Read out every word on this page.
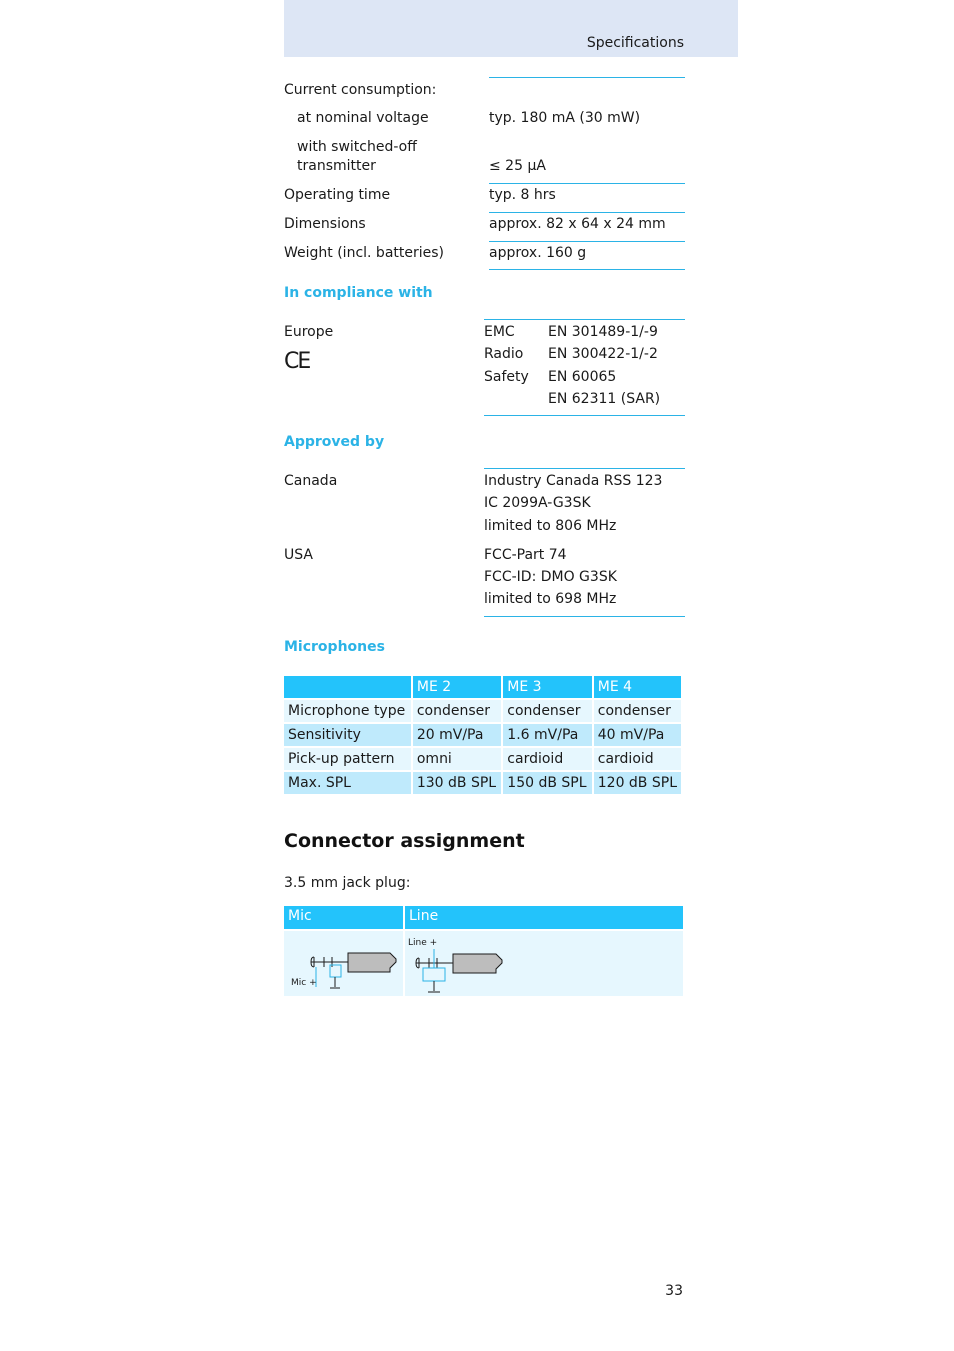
Specifications
Current consumption:
at nominal voltage	typ. 180 mA (30 mW)
with switched-off
transmitter	≤ 25 μA
Operating time	typ. 8 hrs
Dimensions	approx. 82 x 64 x 24 mm
Weight (incl. batteries)	approx. 160 g
In compliance with
Europe
CE
EMC EN 301489-1/-9
Radio EN 300422-1/-2
Safety EN 60065
EN 62311 (SAR)
Approved by
Canada	Industry Canada RSS 123
IC 2099A-G3SK
limited to 806 MHz
USA	FCC-Part 74
FCC-ID: DMO G3SK
limited to 698 MHz
Microphones
	ME 2	ME 3	ME 4
Microphone type	condenser	condenser	condenser
Sensitivity	20 mV/Pa	1.6 mV/Pa	40 mV/Pa
Pick-up pattern	omni	cardioid	cardioid
Max. SPL	130 dB SPL	150 dB SPL	120 dB SPL
Connector assignment
3.5 mm jack plug:
Mic	Line
Mic +
Line +
33
